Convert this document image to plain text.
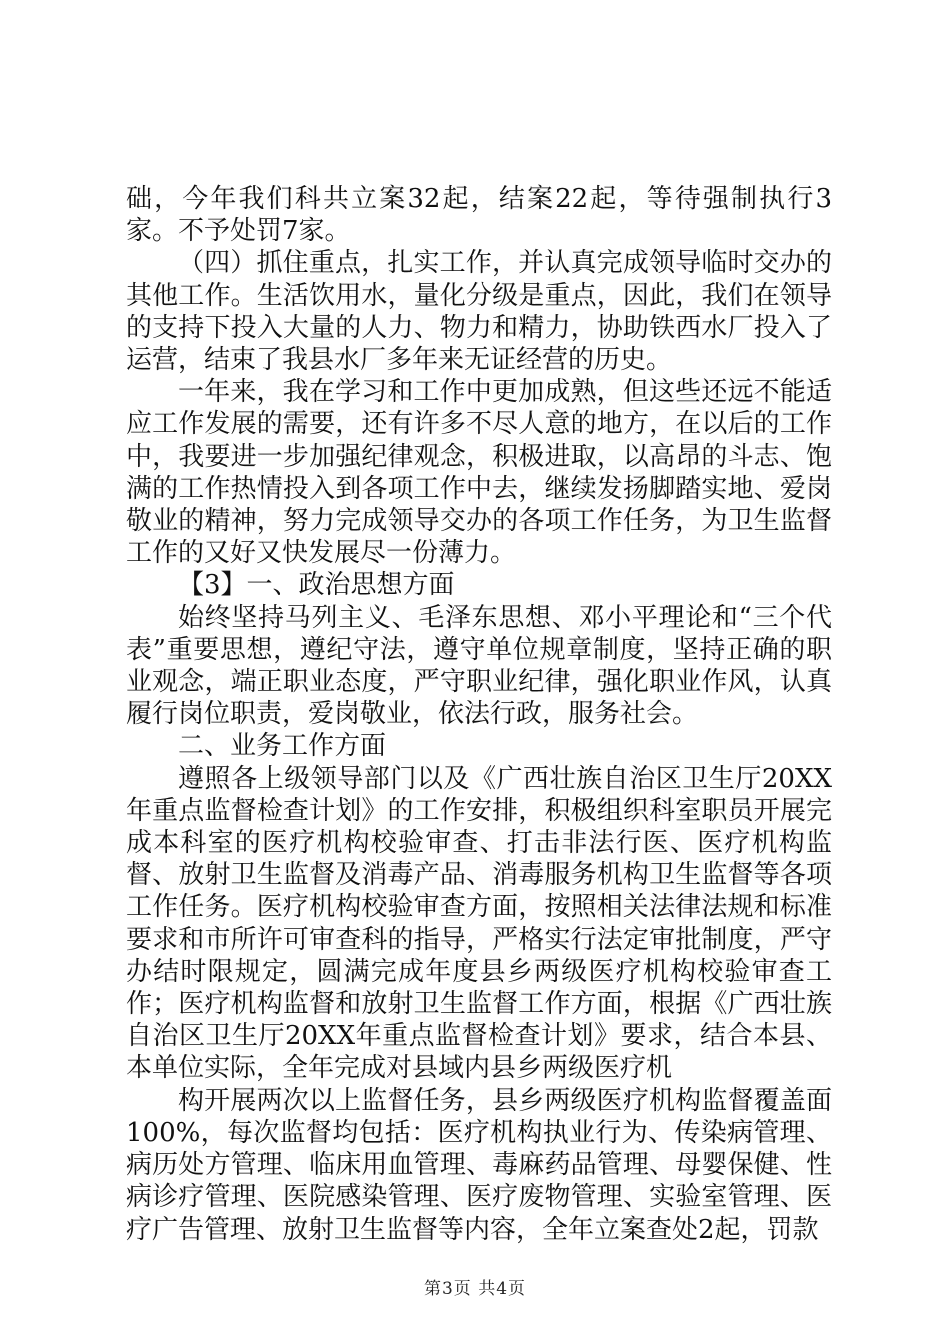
础，今年我们科共立案32起，结案22起，等待强制执行3家。不予处罚7家。

（四）抓住重点，扎实工作，并认真完成领导临时交办的其他工作。生活饮用水，量化分级是重点，因此，我们在领导的支持下投入大量的人力、物力和精力，协助铁西水厂投入了运营，结束了我县水厂多年来无证经营的历史。

一年来，我在学习和工作中更加成熟，但这些还远不能适应工作发展的需要，还有许多不尽人意的地方，在以后的工作中，我要进一步加强纪律观念，积极进取，以高昂的斗志、饱满的工作热情投入到各项工作中去，继续发扬脚踏实地、爱岗敬业的精神，努力完成领导交办的各项工作任务，为卫生监督工作的又好又快发展尽一份薄力。

【3】一、政治思想方面

始终坚持马列主义、毛泽东思想、邓小平理论和“三个代表”重要思想，遵纪守法，遵守单位规章制度，坚持正确的职业观念，端正职业态度，严守职业纪律，强化职业作风，认真履行岗位职责，爱岗敬业，依法行政，服务社会。

二、业务工作方面

遵照各上级领导部门以及《广西壮族自治区卫生厅20XX年重点监督检查计划》的工作安排，积极组织科室职员开展完成本科室的医疗机构校验审查、打击非法行医、医疗机构监督、放射卫生监督及消毒产品、消毒服务机构卫生监督等各项工作任务。医疗机构校验审查方面，按照相关法律法规和标准要求和市所许可审查科的指导，严格实行法定审批制度，严守办结时限规定，圆满完成年度县乡两级医疗机构校验审查工作；医疗机构监督和放射卫生监督工作方面，根据《广西壮族自治区卫生厅20XX年重点监督检查计划》要求，结合本县、本单位实际，全年完成对县域内县乡两级医疗机

构开展两次以上监督任务，县乡两级医疗机构监督覆盖面100%，每次监督均包括：医疗机构执业行为、传染病管理、病历处方管理、临床用血管理、毒麻药品管理、母婴保健、性病诊疗管理、医院感染管理、医疗废物管理、实验室管理、医疗广告管理、放射卫生监督等内容，全年立案查处2起，罚款

第3页 共4页
